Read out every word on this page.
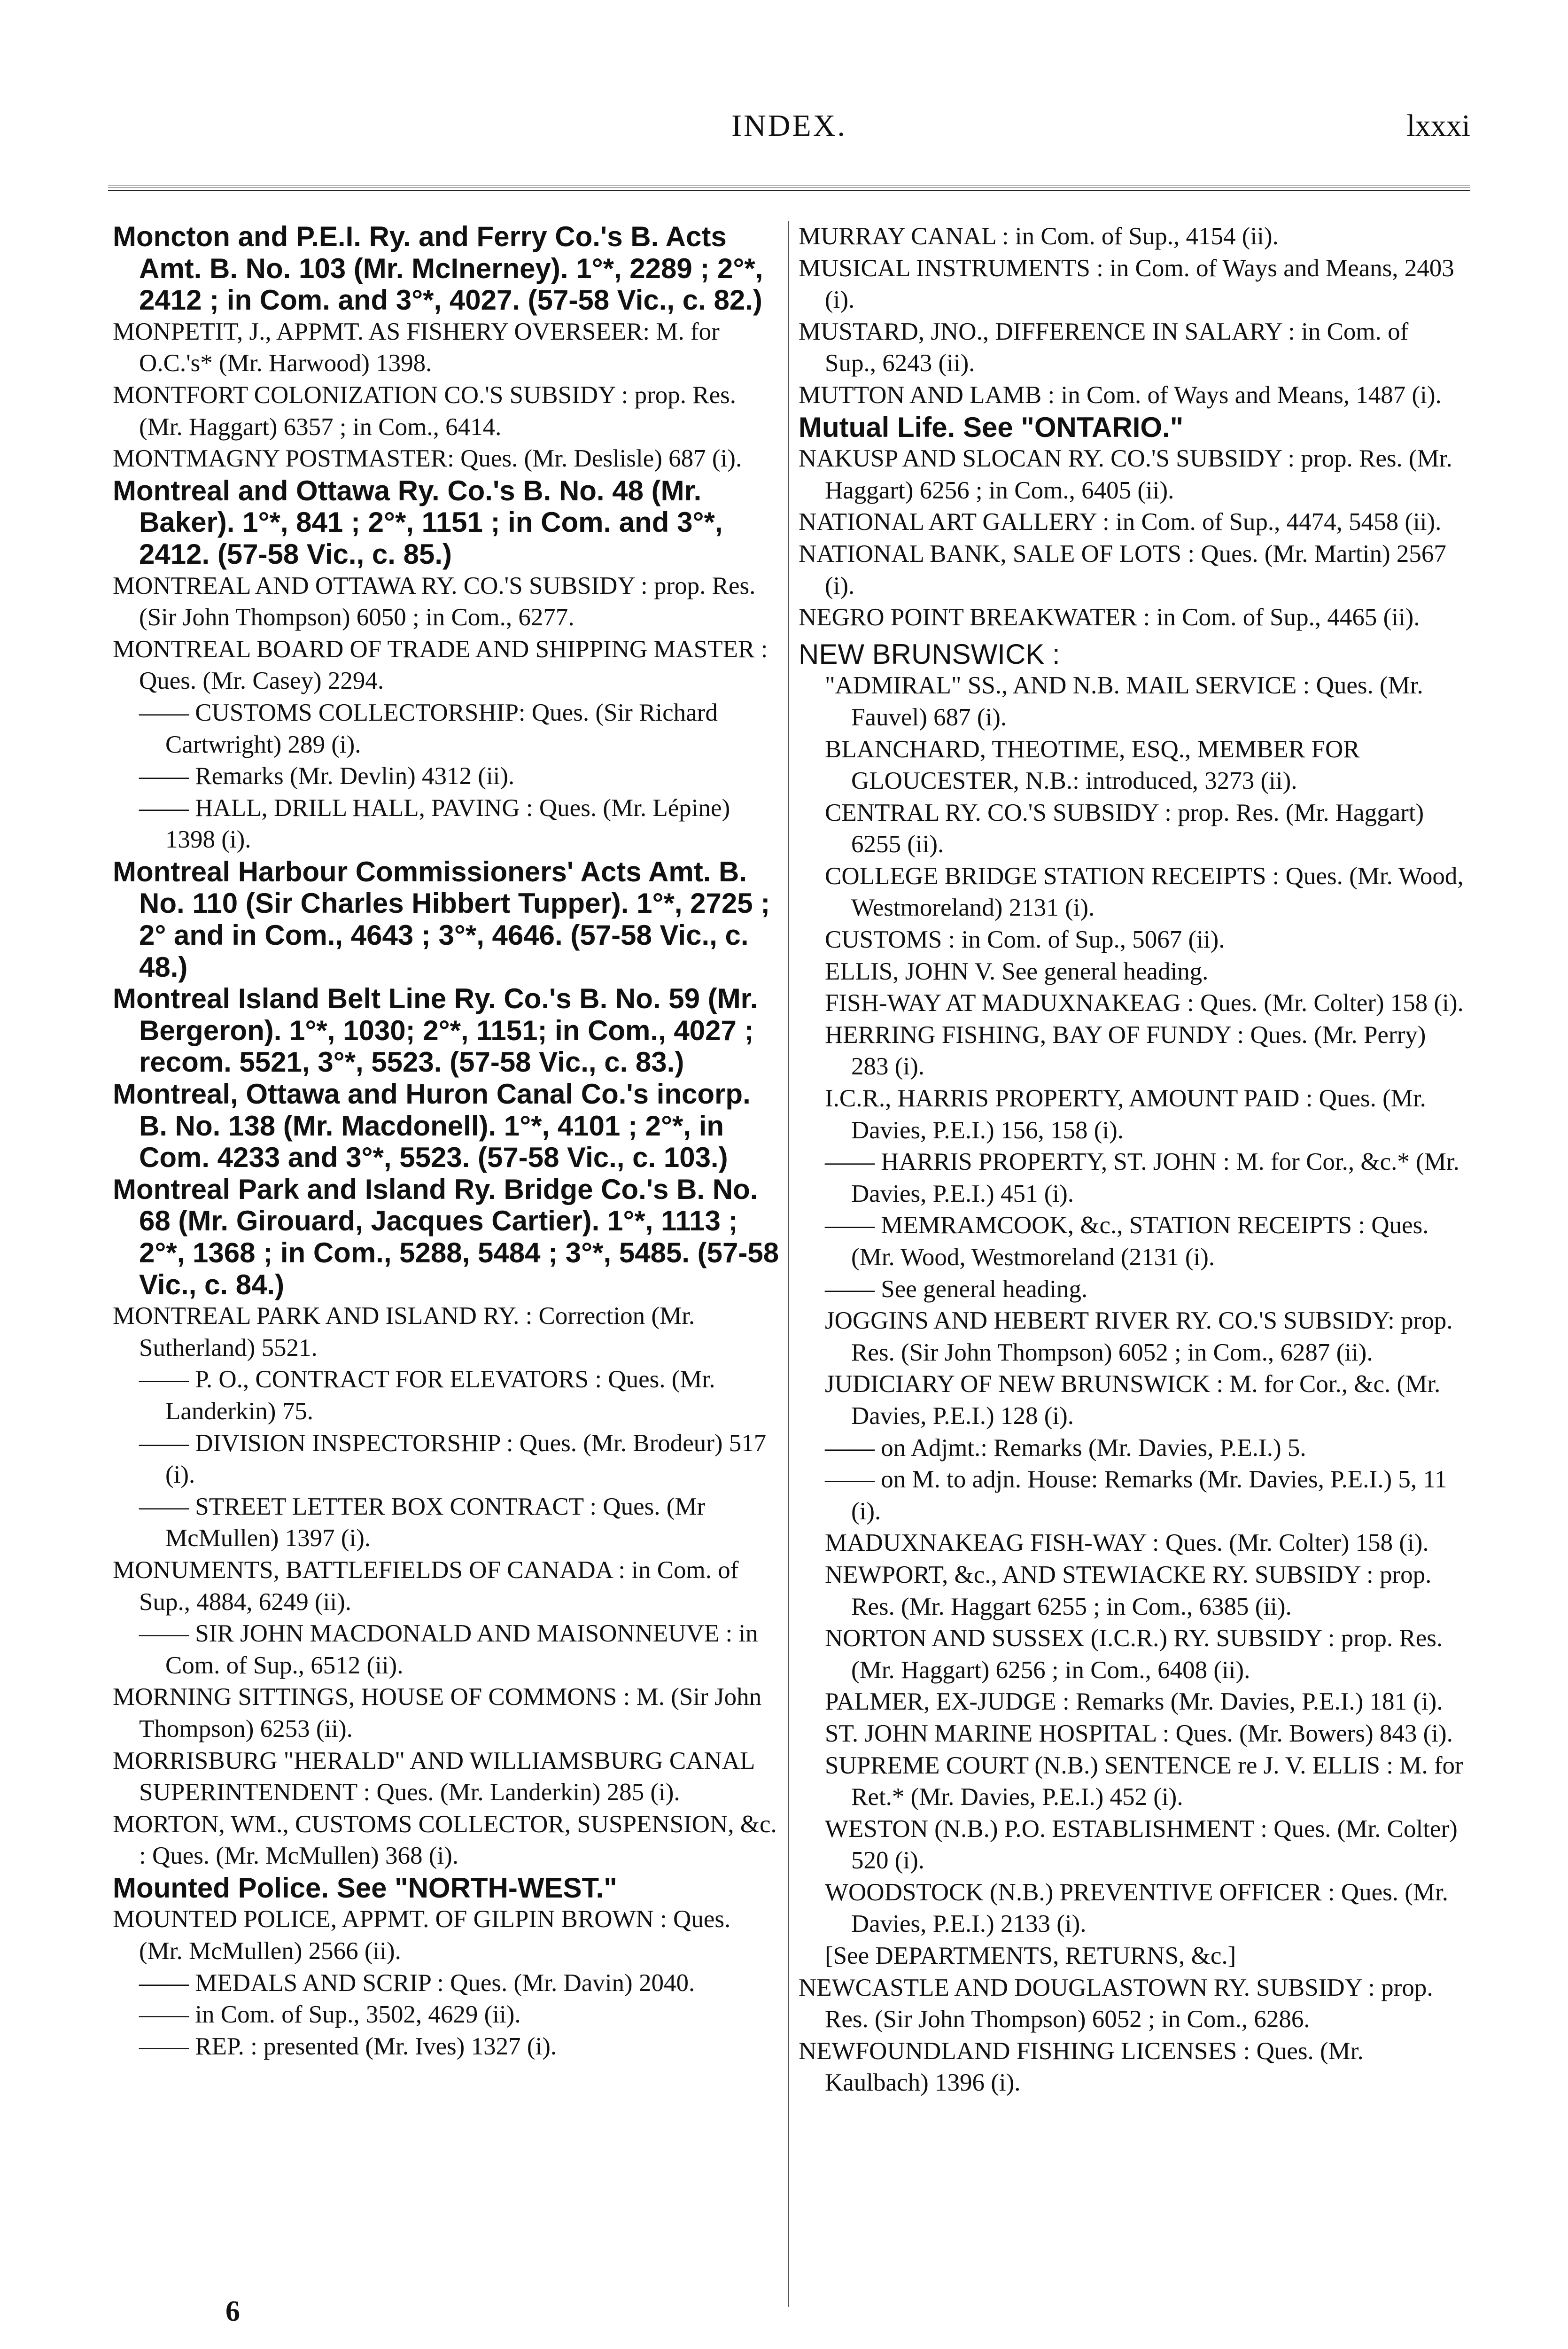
INDEX.	lxxxi
Moncton and P.E.I. Ry. and Ferry Co.'s B. Acts Amt. B. No. 103 (Mr. McInerney). 1°*, 2289 ; 2°*, 2412 ; in Com. and 3°*, 4027. (57-58 Vic., c. 82.)
MONPETIT, J., APPMT. AS FISHERY OVERSEER: M. for O.C.'s* (Mr. Harwood) 1398.
MONTFORT COLONIZATION CO.'S SUBSIDY : prop. Res. (Mr. Haggart) 6357 ; in Com., 6414.
MONTMAGNY POSTMASTER: Ques. (Mr. Deslisle) 687 (i).
Montreal and Ottawa Ry. Co.'s B. No. 48 (Mr. Baker). 1°*, 841 ; 2°*, 1151 ; in Com. and 3°*, 2412. (57-58 Vic., c. 85.)
MONTREAL AND OTTAWA RY. CO.'S SUBSIDY : prop. Res. (Sir John Thompson) 6050 ; in Com., 6277.
MONTREAL BOARD OF TRADE AND SHIPPING MASTER : Ques. (Mr. Casey) 2294.
—— CUSTOMS COLLECTORSHIP: Ques. (Sir Richard Cartwright) 289 (i).
—— Remarks (Mr. Devlin) 4312 (ii).
—— HALL, DRILL HALL, PAVING : Ques. (Mr. Lépine) 1398 (i).
Montreal Harbour Commissioners' Acts Amt. B. No. 110 (Sir Charles Hibbert Tupper). 1°*, 2725 ; 2° and in Com., 4643 ; 3°*, 4646. (57-58 Vic., c. 48.)
Montreal Island Belt Line Ry. Co.'s B. No. 59 (Mr. Bergeron). 1°*, 1030; 2°*, 1151; in Com., 4027 ; recom. 5521, 3°*, 5523. (57-58 Vic., c. 83.)
Montreal, Ottawa and Huron Canal Co.'s incorp. B. No. 138 (Mr. Macdonell). 1°*, 4101 ; 2°*, in Com. 4233 and 3°*, 5523. (57-58 Vic., c. 103.)
Montreal Park and Island Ry. Bridge Co.'s B. No. 68 (Mr. Girouard, Jacques Cartier). 1°*, 1113 ; 2°*, 1368 ; in Com., 5288, 5484 ; 3°*, 5485. (57-58 Vic., c. 84.)
MONTREAL PARK AND ISLAND RY. : Correction (Mr. Sutherland) 5521.
—— P. O., CONTRACT FOR ELEVATORS : Ques. (Mr. Landerkin) 75.
—— DIVISION INSPECTORSHIP : Ques. (Mr. Brodeur) 517 (i).
—— STREET LETTER BOX CONTRACT : Ques. (Mr McMullen) 1397 (i).
MONUMENTS, BATTLEFIELDS OF CANADA : in Com. of Sup., 4884, 6249 (ii).
—— SIR JOHN MACDONALD AND MAISONNEUVE : in Com. of Sup., 6512 (ii).
MORNING SITTINGS, HOUSE OF COMMONS : M. (Sir John Thompson) 6253 (ii).
MORRISBURG "HERALD" AND WILLIAMSBURG CANAL SUPERINTENDENT : Ques. (Mr. Landerkin) 285 (i).
MORTON, WM., CUSTOMS COLLECTOR, SUSPENSION, &c. : Ques. (Mr. McMullen) 368 (i).
Mounted Police. See "NORTH-WEST."
MOUNTED POLICE, APPMT. OF GILPIN BROWN : Ques. (Mr. McMullen) 2566 (ii).
—— MEDALS AND SCRIP : Ques. (Mr. Davin) 2040.
—— in Com. of Sup., 3502, 4629 (ii).
—— REP. : presented (Mr. Ives) 1327 (i).
MURRAY CANAL : in Com. of Sup., 4154 (ii).
MUSICAL INSTRUMENTS : in Com. of Ways and Means, 2403 (i).
MUSTARD, JNO., DIFFERENCE IN SALARY : in Com. of Sup., 6243 (ii).
MUTTON AND LAMB : in Com. of Ways and Means, 1487 (i).
Mutual Life. See "ONTARIO."
NAKUSP AND SLOCAN RY. CO.'S SUBSIDY : prop. Res. (Mr. Haggart) 6256 ; in Com., 6405 (ii).
NATIONAL ART GALLERY : in Com. of Sup., 4474, 5458 (ii).
NATIONAL BANK, SALE OF LOTS : Ques. (Mr. Martin) 2567 (i).
NEGRO POINT BREAKWATER : in Com. of Sup., 4465 (ii).
NEW BRUNSWICK :
"ADMIRAL" SS., AND N.B. MAIL SERVICE : Ques. (Mr. Fauvel) 687 (i).
BLANCHARD, THEOTIME, ESQ., MEMBER FOR GLOUCESTER, N.B.: introduced, 3273 (ii).
CENTRAL RY. CO.'S SUBSIDY : prop. Res. (Mr. Haggart) 6255 (ii).
COLLEGE BRIDGE STATION RECEIPTS : Ques. (Mr. Wood, Westmoreland) 2131 (i).
CUSTOMS : in Com. of Sup., 5067 (ii).
ELLIS, JOHN V. See general heading.
FISH-WAY AT MADUXNAKEAG : Ques. (Mr. Colter) 158 (i).
HERRING FISHING, BAY OF FUNDY : Ques. (Mr. Perry) 283 (i).
I.C.R., HARRIS PROPERTY, AMOUNT PAID : Ques. (Mr. Davies, P.E.I.) 156, 158 (i).
—— HARRIS PROPERTY, ST. JOHN : M. for Cor., &c.* (Mr. Davies, P.E.I.) 451 (i).
—— MEMRAMCOOK, &c., STATION RECEIPTS : Ques. (Mr. Wood, Westmoreland (2131 (i).
—— See general heading.
JOGGINS AND HEBERT RIVER RY. CO.'S SUBSIDY: prop. Res. (Sir John Thompson) 6052 ; in Com., 6287 (ii).
JUDICIARY OF NEW BRUNSWICK : M. for Cor., &c. (Mr. Davies, P.E.I.) 128 (i).
—— on Adjmt.: Remarks (Mr. Davies, P.E.I.) 5.
—— on M. to adjn. House: Remarks (Mr. Davies, P.E.I.) 5, 11 (i).
MADUXNAKEAG FISH-WAY : Ques. (Mr. Colter) 158 (i).
NEWPORT, &c., AND STEWIACKE RY. SUBSIDY : prop. Res. (Mr. Haggart 6255 ; in Com., 6385 (ii).
NORTON AND SUSSEX (I.C.R.) RY. SUBSIDY : prop. Res. (Mr. Haggart) 6256 ; in Com., 6408 (ii).
PALMER, EX-JUDGE : Remarks (Mr. Davies, P.E.I.) 181 (i).
ST. JOHN MARINE HOSPITAL : Ques. (Mr. Bowers) 843 (i).
SUPREME COURT (N.B.) SENTENCE re J. V. ELLIS : M. for Ret.* (Mr. Davies, P.E.I.) 452 (i).
WESTON (N.B.) P.O. ESTABLISHMENT : Ques. (Mr. Colter) 520 (i).
WOODSTOCK (N.B.) PREVENTIVE OFFICER : Ques. (Mr. Davies, P.E.I.) 2133 (i).
[See DEPARTMENTS, RETURNS, &c.]
NEWCASTLE AND DOUGLASTOWN RY. SUBSIDY : prop. Res. (Sir John Thompson) 6052 ; in Com., 6286.
NEWFOUNDLAND FISHING LICENSES : Ques. (Mr. Kaulbach) 1396 (i).
6
